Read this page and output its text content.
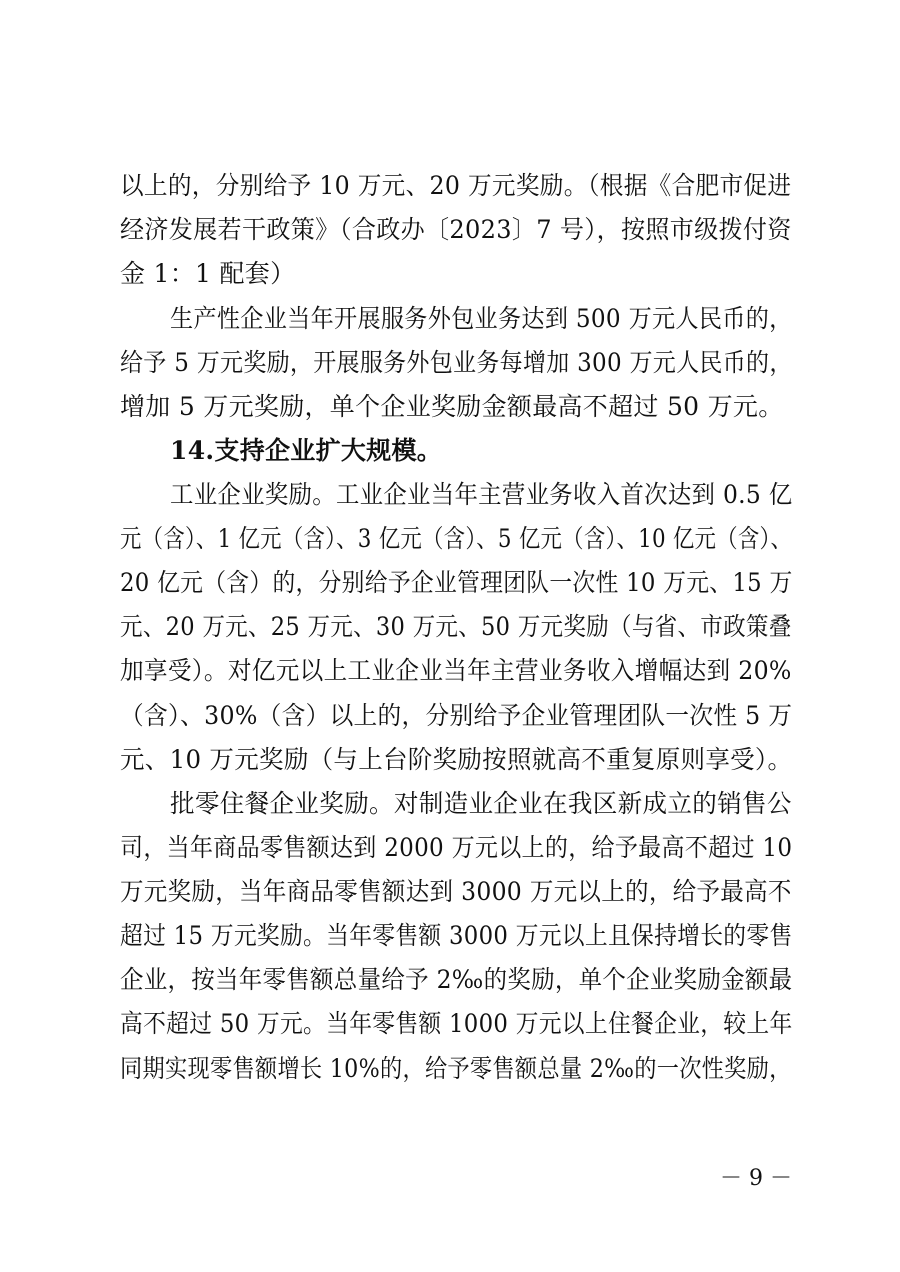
以上的，分别给予 10 万元、20 万元奖励。（根据《合肥市促进
经济发展若干政策》（合政办〔2023〕7 号），按照市级拨付资
金 1：1 配套）
生产性企业当年开展服务外包业务达到 500 万元人民币的，
给予 5 万元奖励，开展服务外包业务每增加 300 万元人民币的，
增加 5 万元奖励，单个企业奖励金额最高不超过 50 万元。
14.支持企业扩大规模。
工业企业奖励。工业企业当年主营业务收入首次达到 0.5 亿
元（含）、1 亿元（含）、3 亿元（含）、5 亿元（含）、10 亿元（含）、
20 亿元（含）的，分别给予企业管理团队一次性 10 万元、15 万
元、20 万元、25 万元、30 万元、50 万元奖励（与省、市政策叠
加享受）。对亿元以上工业企业当年主营业务收入增幅达到 20%
（含）、30%（含）以上的，分别给予企业管理团队一次性 5 万
元、10 万元奖励（与上台阶奖励按照就高不重复原则享受）。
批零住餐企业奖励。对制造业企业在我区新成立的销售公
司，当年商品零售额达到 2000 万元以上的，给予最高不超过 10
万元奖励，当年商品零售额达到 3000 万元以上的，给予最高不
超过 15 万元奖励。当年零售额 3000 万元以上且保持增长的零售
企业，按当年零售额总量给予 2‰的奖励，单个企业奖励金额最
高不超过 50 万元。当年零售额 1000 万元以上住餐企业，较上年
同期实现零售额增长 10%的，给予零售额总量 2‰的一次性奖励，
－ 9 －
